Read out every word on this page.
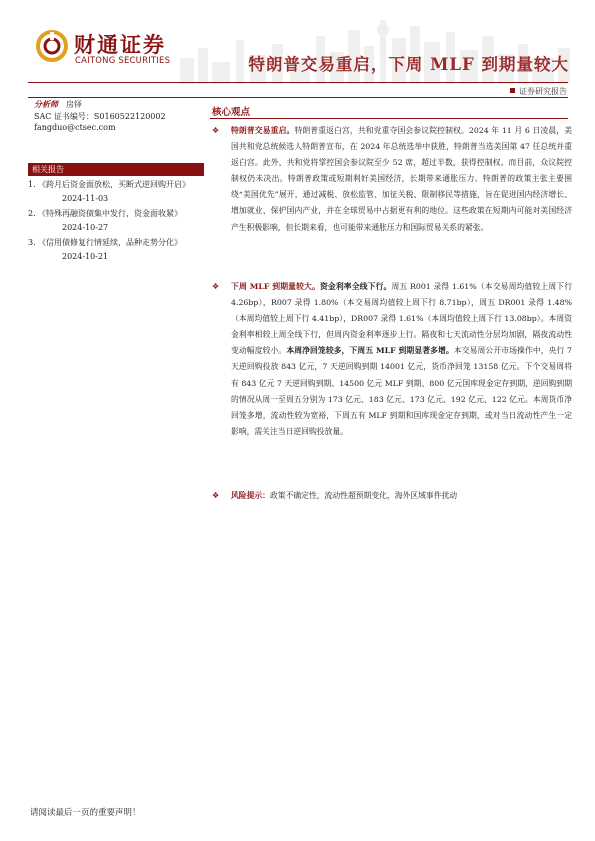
财通证券
CAITONG SECURITIES	特朗普交易重启，下周 MLF 到期量较大
证券研究报告
分析师 房铎
SAC 证书编号：S0160522120002
fangduo@ctsec.com
相关报告
1. 《跨月后资金面放松，买断式逆回购开启》2024-11-03
2. 《特殊再融资债集中发行，资金面收紧》2024-10-27
3. 《信用债修复行情延续，品种走势分化》2024-10-21
核心观点
❖	特朗普交易重启。特朗普重返白宫，共和党重夺国会参议院控制权。2024 年 11 月 6 日凌晨，美国共和党总统候选人特朗普宣布，在 2024 年总统选举中获胜，特朗普当选美国第 47 任总统并重返白宫。此外，共和党将掌控国会参议院至少 52 席，超过半数，获得控制权。而目前，众议院控制权仍未决出。特朗普政策或短期利好美国经济，长期带来通胀压力。特朗普的政策主张主要围绕“美国优先”展开，通过减税、放松监管、加征关税、限制移民等措施，旨在促进国内经济增长、增加就业、保护国内产业，并在全球贸易中占据更有利的地位。这些政策在短期内可能对美国经济产生积极影响，但长期来看，也可能带来通胀压力和国际贸易关系的紧张。
❖	下周 MLF 到期量较大。资金利率全线下行。周五 R001 录得 1.61%（本交易周均值较上周下行 4.26bp），R007 录得 1.80%（本交易周均值较上周下行 8.71bp），周五 DR001 录得 1.48%（本周均值较上周下行 4.41bp），DR007 录得 1.61%（本周均值较上周下行 13.08bp）。本周资金利率相较上周全线下行，但周内资金利率逐步上行。隔夜和七天流动性分层均加剧，隔夜流动性变动幅度较小。本周净回笼较多，下周五 MLF 到期显著多增。本交易周公开市场操作中，央行 7 天逆回购投放 843 亿元，7 天逆回购到期 14001 亿元，货币净回笼 13158 亿元。下个交易周将有 843 亿元 7 天逆回购到期、14500 亿元 MLF 到期、800 亿元国库现金定存到期，逆回购到期的情况从周一至周五分别为 173 亿元、183 亿元、173 亿元、192 亿元、122 亿元。本周货币净回笼多增，流动性较为宽裕，下周五有 MLF 到期和国库现金定存到期，或对当日流动性产生一定影响，需关注当日逆回购投放量。
❖	风险提示：政策不确定性，流动性超预期变化，海外区域事件扰动
请阅读最后一页的重要声明！
